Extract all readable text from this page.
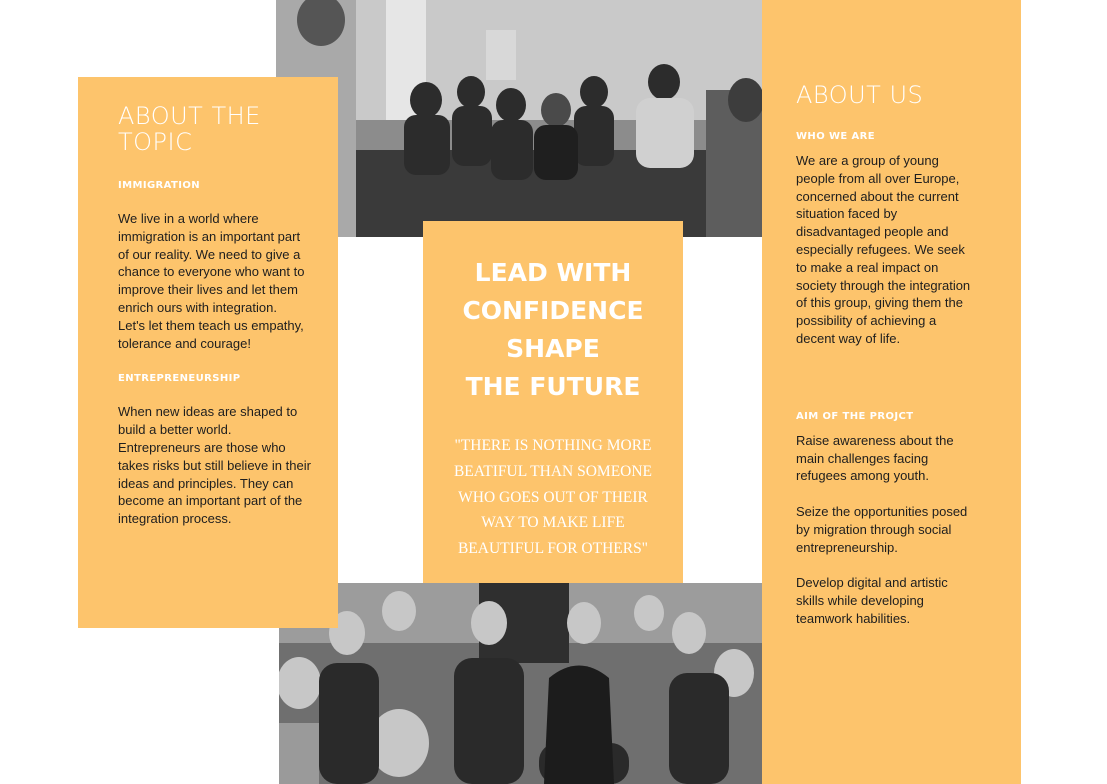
ABOUT THE TOPIC
IMMIGRATION

We live in a world where immigration is an important part of our reality. We need to give a chance to everyone who want to improve their lives and let them enrich ours with integration.
Let's let them teach us empathy, tolerance and courage!

ENTREPRENEURSHIP

When new ideas are shaped to build a better world. Entrepreneurs are those who takes risks but still believe in their ideas and principles. They can become an important part of the integration process.

LEAD WITH
CONFIDENCE
SHAPE
THE FUTURE
"THERE IS NOTHING MORE BEATIFUL THAN SOMEONE WHO GOES OUT OF THEIR WAY TO MAKE LIFE BEAUTIFUL FOR OTHERS"
ABOUT US
WHO WE ARE

We are a group of young people from all over Europe, concerned about the current situation faced by disadvantaged people and especially refugees. We seek to make a real impact on society through the integration of this group, giving them the possibility of achieving a decent way of life.

AIM OF THE PROJCT

Raise awareness about the main challenges facing refugees among youth.

Seize the opportunities posed by migration through social entrepreneurship.

Develop digital and artistic skills while developing teamwork habilities.
